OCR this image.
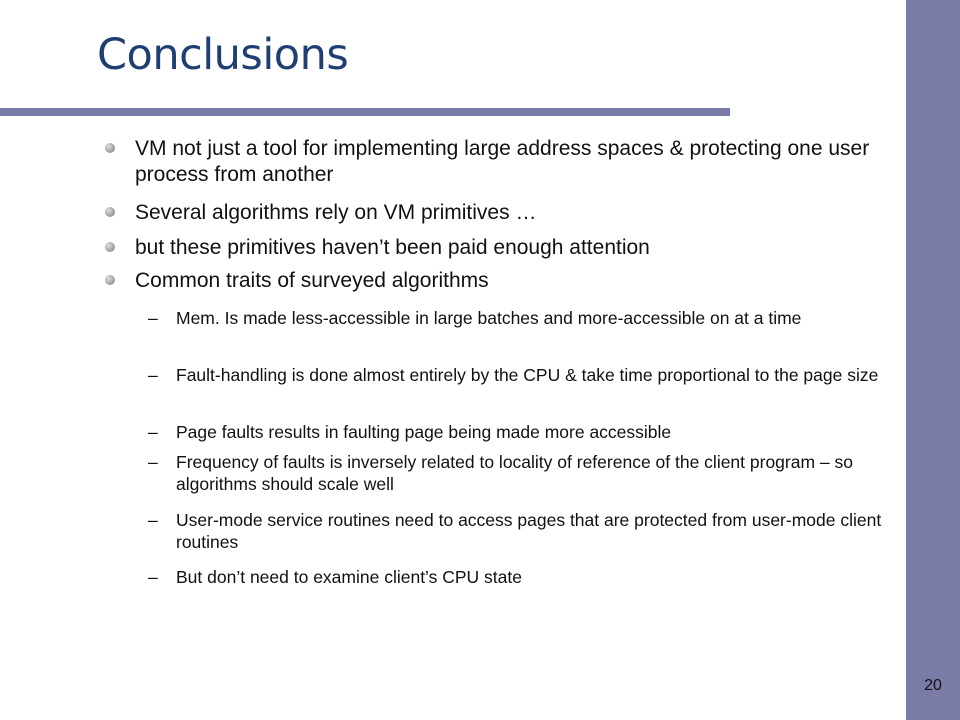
Conclusions
VM not just a tool for implementing large address spaces & protecting one user process from another
Several algorithms rely on VM primitives …
but these primitives haven’t been paid enough attention
Common traits of surveyed algorithms
– Mem. Is made less-accessible in large batches and more-accessible on at a time
– Fault-handling is done almost entirely by the CPU & take time proportional to the page size
– Page faults results in faulting page being made more accessible
– Frequency of faults is inversely related to locality of reference of the client program – so algorithms should scale well
– User-mode service routines need to access pages that are protected from user-mode client routines
– But don’t need to examine client’s CPU state
20
